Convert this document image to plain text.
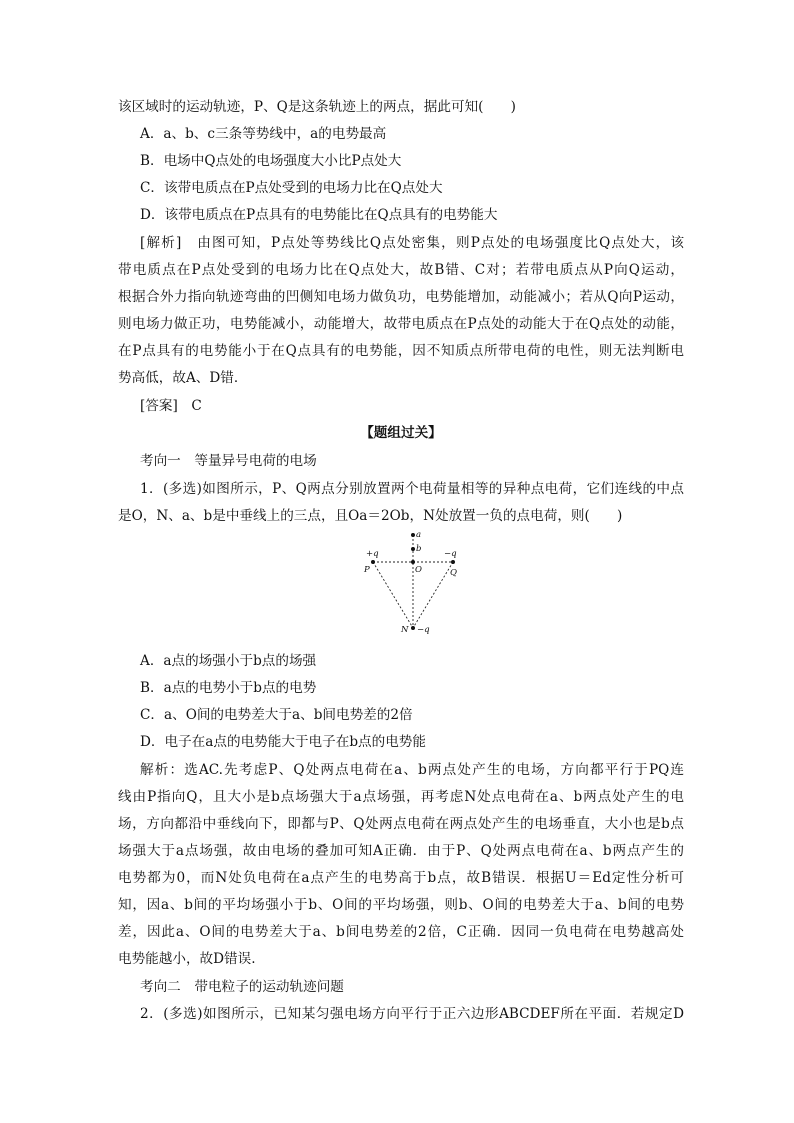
该区域时的运动轨迹，P、Q是这条轨迹上的两点，据此可知(　　)
A．a、b、c三条等势线中，a的电势最高
B．电场中Q点处的电场强度大小比P点处大
C．该带电质点在P点处受到的电场力比在Q点处大
D．该带电质点在P点具有的电势能比在Q点具有的电势能大
[解析]　由图可知，P点处等势线比Q点处密集，则P点处的电场强度比Q点处大，该
带电质点在P点处受到的电场力比在Q点处大，故B错、C对；若带电质点从P向Q运动，
根据合外力指向轨迹弯曲的凹侧知电场力做负功，电势能增加，动能减小；若从Q向P运动，
则电场力做正功，电势能减小，动能增大，故带电质点在P点处的动能大于在Q点处的动能，
在P点具有的电势能小于在Q点具有的电势能，因不知质点所带电荷的电性，则无法判断电
势高低，故A、D错．
[答案]　C
【题组过关】
考向一　等量异号电荷的电场
1．(多选)如图所示，P、Q两点分别放置两个电荷量相等的异种点电荷，它们连线的中点
是O，N、a、b是中垂线上的三点，且Oa＝2Ob，N处放置一负的点电荷，则(　　)
a
b
+q	−q
P	O	Q
N −q
A．a点的场强小于b点的场强
B．a点的电势小于b点的电势
C．a、O间的电势差大于a、b间电势差的2倍
D．电子在a点的电势能大于电子在b点的电势能
解析：选AC.先考虑P、Q处两点电荷在a、b两点处产生的电场，方向都平行于PQ连
线由P指向Q，且大小是b点场强大于a点场强，再考虑N处点电荷在a、b两点处产生的电
场，方向都沿中垂线向下，即都与P、Q处两点电荷在两点处产生的电场垂直，大小也是b点
场强大于a点场强，故由电场的叠加可知A正确．由于P、Q处两点电荷在a、b两点产生的
电势都为0，而N处负电荷在a点产生的电势高于b点，故B错误．根据U＝Ed定性分析可
知，因a、b间的平均场强小于b、O间的平均场强，则b、O间的电势差大于a、b间的电势
差，因此a、O间的电势差大于a、b间电势差的2倍，C正确．因同一负电荷在电势越高处
电势能越小，故D错误.
考向二　带电粒子的运动轨迹问题
2．(多选)如图所示，已知某匀强电场方向平行于正六边形ABCDEF所在平面．若规定D
